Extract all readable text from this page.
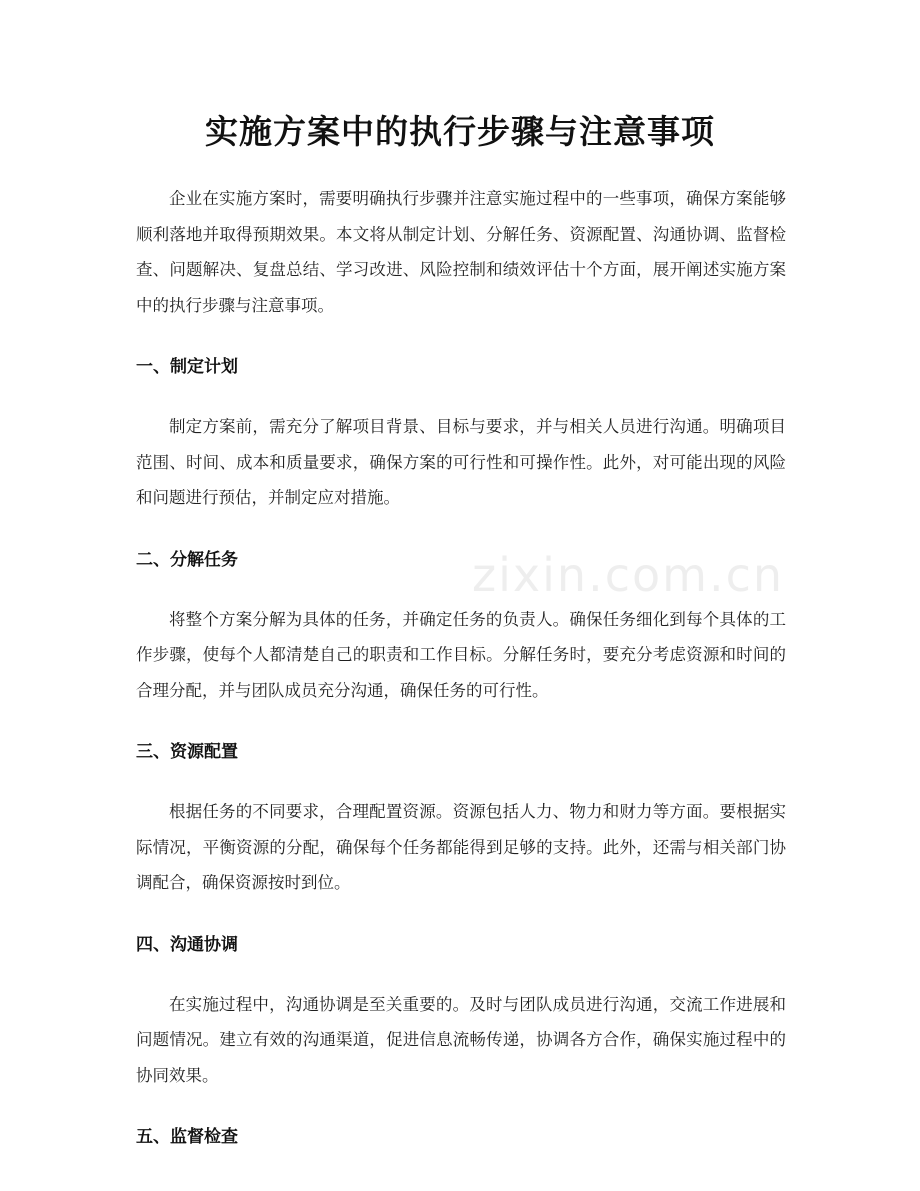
实施方案中的执行步骤与注意事项

企业在实施方案时，需要明确执行步骤并注意实施过程中的一些事项，确保方案能够顺利落地并取得预期效果。本文将从制定计划、分解任务、资源配置、沟通协调、监督检查、问题解决、复盘总结、学习改进、风险控制和绩效评估十个方面，展开阐述实施方案中的执行步骤与注意事项。

一、制定计划

制定方案前，需充分了解项目背景、目标与要求，并与相关人员进行沟通。明确项目范围、时间、成本和质量要求，确保方案的可行性和可操作性。此外，对可能出现的风险和问题进行预估，并制定应对措施。

二、分解任务

将整个方案分解为具体的任务，并确定任务的负责人。确保任务细化到每个具体的工作步骤，使每个人都清楚自己的职责和工作目标。分解任务时，要充分考虑资源和时间的合理分配，并与团队成员充分沟通，确保任务的可行性。

三、资源配置

根据任务的不同要求，合理配置资源。资源包括人力、物力和财力等方面。要根据实际情况，平衡资源的分配，确保每个任务都能得到足够的支持。此外，还需与相关部门协调配合，确保资源按时到位。

四、沟通协调

在实施过程中，沟通协调是至关重要的。及时与团队成员进行沟通，交流工作进展和问题情况。建立有效的沟通渠道，促进信息流畅传递，协调各方合作，确保实施过程中的协同效果。

五、监督检查
zixin.com.cn
